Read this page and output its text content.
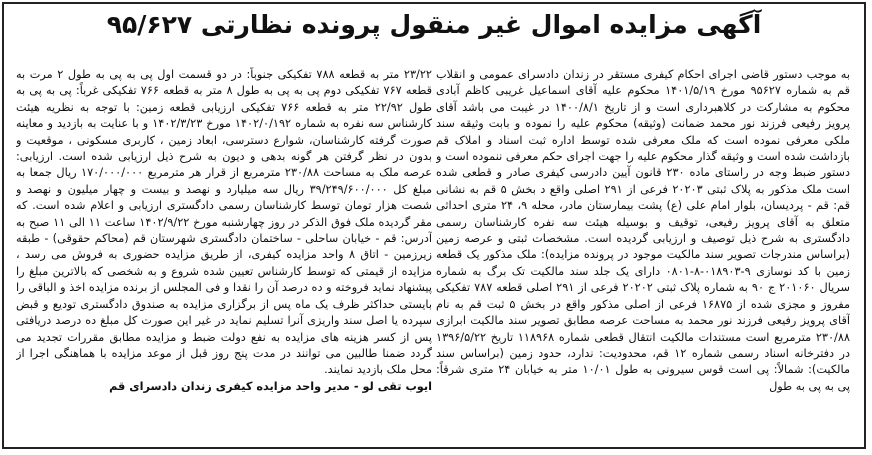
آگهی مزایده اموال غیر منقول پرونده نظارتی ۹۵/۶۲۷
به موجب دستور قاضی اجرای احکام کیفری مستقر در زندان دادسرای عمومی و انقلاب قم به شماره ۹۵۶۲۷ مورخ ۱۴۰۱/۵/۱۹ محکوم علیه آقای اسماعیل غریبی کاظم آبادی محکوم به مشارکت در کلاهبرداری است و از تاریخ ۱۴۰۰/۸/۱ در غیبت می باشد آقای پرویز رفیعی فرزند نور محمد ضمانت (وثیقه) محکوم علیه را نموده و بابت وثیقه سند ملکی معرفی نموده است که ملک معرفی شده توسط اداره ثبت اسناد و املاک قم بازداشت شده است و وثیقه گذار محکوم علیه را جهت اجرای حکم معرفی ننموده است و دستور ضبط وجه در راستای ماده ۲۳۰ قانون آیین دادرسی کیفری صادر و قطعی شده است ملک مذکور به پلاک ثبتی ۲۰۲۰۳ فرعی از ۲۹۱ اصلی واقع د بخش ۵ قم به نشانی قم: قم - پردیسان، بلوار امام علی (ع) پشت بیمارستان مادر، محله ۹، ۲۴ متری احداثی متعلق به آقای پرویز رفیعی، توقیف و بوسیله هیئت سه نفره کارشناسان رسمی دادگستری به شرح ذیل توصیف و ارزیابی گردیده است. مشخصات ثبتی و عرصه زمین (براساس مندرجات تصویر سند مالکیت موجود در پرونده مزایده): ملک مذکور یک قطعه زمین با کد نوسازی ۹-۰۱۸۹۰۳-۸-۰۸۰۱ دارای یک جلد سند مالکیت تک برگ به شماره سریال ۲۰۱۰۶۰ ج ۹۰ به شماره پلاک ثبتی ۲۰۲۰۲ فرعی از ۲۹۱ اصلی قطعه ۷۸۷ تفکیکی مفروز و مجزی شده از ۱۶۸۷۵ فرعی از اصلی مذکور واقع در بخش ۵ ثبت قم به نام آقای پرویز رفیعی فرزند نور محمد به مساحت عرصه مطابق تصویر سند مالکیت ابرازی ۲۳۰/۸۸ مترمربع است مستندات مالکیت انتقال قطعی شماره ۱۱۸۹۶۸ تاریخ ۱۳۹۶/۵/۲۲ در دفترخانه اسناد رسمی شماره ۱۲ قم، محدودیت: ندارد، حدود زمین (براساس سند مالکیت): شمالاً: پی است قوس سیرونی به طول ۱۰/۰۱ متر به خیابان ۲۴ متری شرقاً: پی به پی به طول
۲۳/۲۲ متر به قطعه ۷۸۸ تفکیکی جنوباً: در دو قسمت اول پی به پی به طول ۲ مرت به قطعه ۷۶۷ تفکیکی دوم پی به پی به طول ۸ متر به قطعه ۷۶۶ تفکیکی غرباً: پی به پی به طول ۲۲/۹۲ متر به قطعه ۷۶۶ تفکیکی ارزیابی قطعه زمین: با توجه به نظریه هیئت کارشناس سه نفره به شماره ۱۴۰۲/۰/۱۹۲ مورخ ۱۴۰۲/۳/۲۳ و با عنایت به بازدید و معاینه صورت گرفته کارشناسان، شوارع دسترسی، ابعاد زمین ، کاربری مسکونی ، موقعیت و بدون در نظر گرفتن هر گونه بدهی و دیون به شرح ذیل ارزیابی شده است. ارزیابی: عرصه ملک به مساحت ۲۳۰/۸۸ مترمربع از قرار هر مترمربع ۱۷۰/۰۰۰/۰۰۰ ریال جمعا به مبلغ کل ۳۹/۲۴۹/۶۰۰/۰۰۰ ریال سه میلیارد و نهصد و بیست و چهار میلیون و نهصد و شصت هزار تومان توسط کارشناسان رسمی دادگستری ارزیابی و اعلام شده است. که مقر گردیده ملک فوق الذکر در روز چهارشنبه مورخ ۱۴۰۲/۹/۲۲ ساعت ۱۱ الی ۱۱ صبح به آدرس: قم - خیابان ساحلی - ساختمان دادگستری شهرستان قم (محاکم حقوقی) - طبقه زیرزمین - اتاق ۸ واحد مزایده کیفری، از طریق مزایده حضوری به فروش می رسد ، مزایده از قیمتی که توسط کارشناس تعیین شده شروع و به شخصی که بالاترین مبلغ را پیشنهاد نماید فروخته و ده درصد آن را نقدا و فی المجلس از برنده مزایده اخذ و الباقی را بایستی حداکثر ظرف یک ماه پس از برگزاری مزایده به صندوق دادگستری تودیع و قبض سپرده یا اصل سند واریزی آنرا تسلیم نماید در غیر این صورت کل مبلغ ده درصد دریافتی پس از کسر هزینه های مزایده به نفع دولت ضبط و مزایده مطابق مقررات تجدید می گردد ضمنا طالبین می توانند در مدت پنج روز قبل از موعد مزایده با هماهنگی اجرا از محل ملک بازدید نمایند.
ایوب تقی لو - مدیر واحد مزایده کیفری زندان دادسرای قم
